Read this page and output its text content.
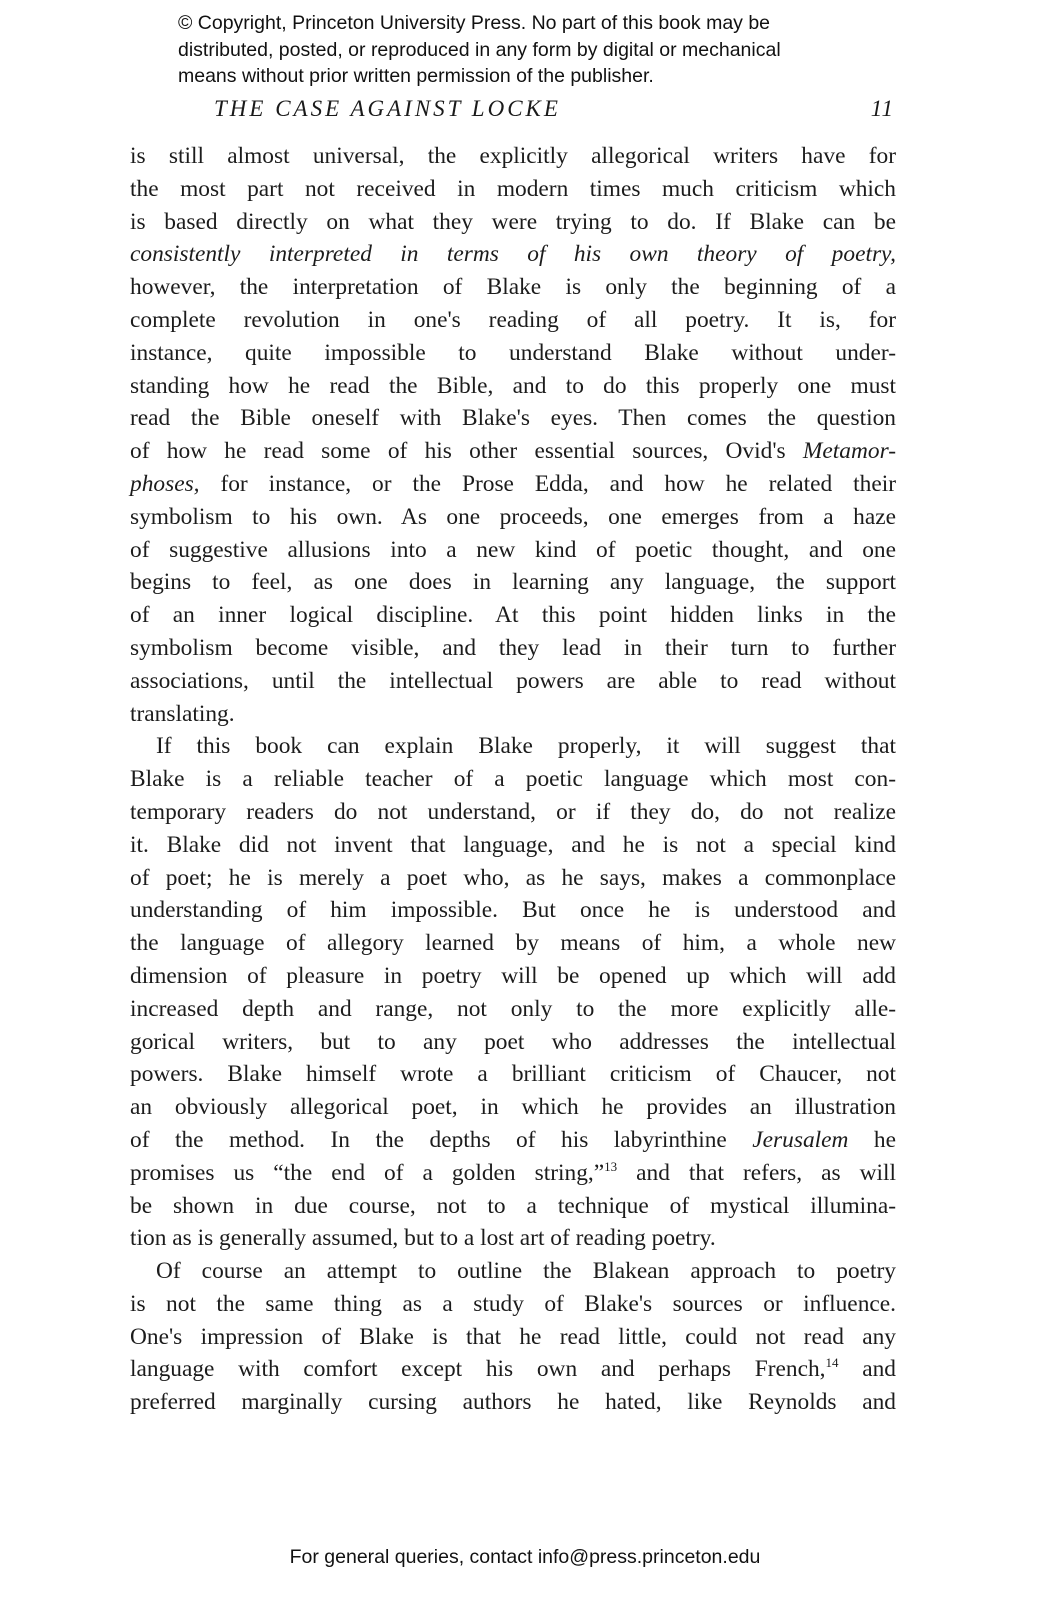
© Copyright, Princeton University Press. No part of this book may be
distributed, posted, or reproduced in any form by digital or mechanical
means without prior written permission of the publisher.
THE CASE AGAINST LOCKE	11
is still almost universal, the explicitly allegorical writers have for
the most part not received in modern times much criticism which
is based directly on what they were trying to do. If Blake can be
consistently interpreted in terms of his own theory of poetry,
however, the interpretation of Blake is only the beginning of a
complete revolution in one's reading of all poetry. It is, for
instance, quite impossible to understand Blake without under-
standing how he read the Bible, and to do this properly one must
read the Bible oneself with Blake's eyes. Then comes the question
of how he read some of his other essential sources, Ovid's Metamor-
phoses, for instance, or the Prose Edda, and how he related their
symbolism to his own. As one proceeds, one emerges from a haze
of suggestive allusions into a new kind of poetic thought, and one
begins to feel, as one does in learning any language, the support
of an inner logical discipline. At this point hidden links in the
symbolism become visible, and they lead in their turn to further
associations, until the intellectual powers are able to read without
translating.
If this book can explain Blake properly, it will suggest that
Blake is a reliable teacher of a poetic language which most con-
temporary readers do not understand, or if they do, do not realize
it. Blake did not invent that language, and he is not a special kind
of poet; he is merely a poet who, as he says, makes a commonplace
understanding of him impossible. But once he is understood and
the language of allegory learned by means of him, a whole new
dimension of pleasure in poetry will be opened up which will add
increased depth and range, not only to the more explicitly alle-
gorical writers, but to any poet who addresses the intellectual
powers. Blake himself wrote a brilliant criticism of Chaucer, not
an obviously allegorical poet, in which he provides an illustration
of the method. In the depths of his labyrinthine Jerusalem he
promises us “the end of a golden string,”$^{13}$ and that refers, as will
be shown in due course, not to a technique of mystical illumina-
tion as is generally assumed, but to a lost art of reading poetry.
Of course an attempt to outline the Blakean approach to poetry
is not the same thing as a study of Blake's sources or influence.
One's impression of Blake is that he read little, could not read any
language with comfort except his own and perhaps French,$^{14}$ and
preferred marginally cursing authors he hated, like Reynolds and
For general queries, contact info@press.princeton.edu
